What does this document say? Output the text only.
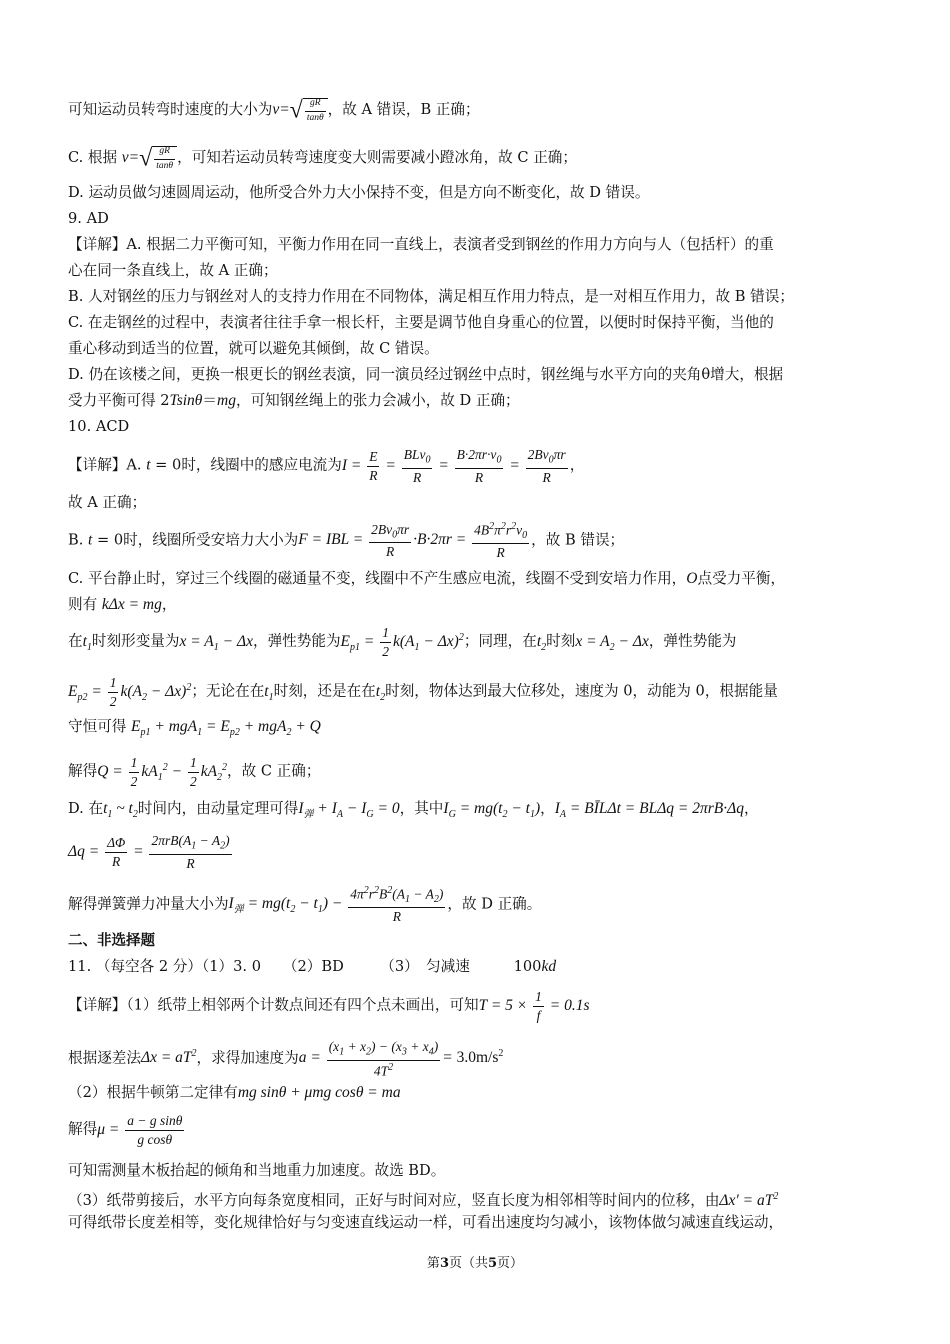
可知运动员转弯时速度的大小为$v=√ \frac{gR}{\tan\theta}$ ，故 A 错误，B 正确；
C. 根据 $v=√ \frac{gR}{\tan\theta}$ ，可知若运动员转弯速度变大则需要减小蹬冰角，故 C 正确；
D. 运动员做匀速圆周运动，他所受合外力大小保持不变，但是方向不断变化，故 D 错误。
9. AD
【详解】A. 根据二力平衡可知，平衡力作用在同一直线上，表演者受到钢丝的作用力方向与人（包括杆）的重
心在同一条直线上，故 A 正确；
B. 人对钢丝的压力与钢丝对人的支持力作用在不同物体，满足相互作用力特点，是一对相互作用力，故 B 错误；
C. 在走钢丝的过程中，表演者往往手拿一根长杆，主要是调节他自身重心的位置，以便时时保持平衡，当他的
重心移动到适当的位置，就可以避免其倾倒，故 C 错误。
D. 仍在该楼之间，更换一根更长的钢丝表演，同一演员经过钢丝中点时，钢丝绳与水平方向的夹角θ增大，根据
受力平衡可得 2Tsinθ＝mg，可知钢丝绳上的张力会减小，故 D 正确；
10. ACD
【详解】A. t = 0时，线圈中的感应电流为$I = \frac{E}{R} = \frac{BLv_0}{R} = \frac{B\cdot 2\pi r\cdot v_0}{R} = \frac{2Bv_0\pi r}{R}$ ，
故 A 正确；
B. t = 0时，线圈所受安培力大小为F = IBL = $\frac{2Bv_0\pi r}{R} \cdot B\cdot 2\pi r = \frac{4B^2\pi^2r^2v_0}{R}$ ，故 B 错误；
C. 平台静止时，穿过三个线圈的磁通量不变，线圈中不产生感应电流，线圈不受到安培力作用，O点受力平衡，
则有 kΔx = mg，
在$t_1$时刻形变量为$x = A_1 - \Delta x$，弹性势能为$E_{p1} = \frac{1}{2} k(A_1 - \Delta x)^2$；同理，在$t_2$时刻$x = A_2 - \Delta x$，弹性势能为
$E_{p2} = \frac{1}{2} k(A_2 - \Delta x)^2$；无论在在$t_1$时刻，还是在在$t_2$时刻，物体达到最大位移处，速度为 0，动能为 0，根据能量
守恒可得 $E_{p1} + mgA_1 = E_{p2} + mgA_2 + Q$
解得$Q = \frac{1}{2} kA_1^2 - \frac{1}{2} kA_2^2$，故 C 正确；
D. 在$t_1$ ~ $t_2$时间内，由动量定理可得$I_弹 + I_A - I_G = 0$，其中$I_G = mg(t_2 - t_1)$，$I_A$ = BĪLΔt = BLΔq = 2πrB·Δq，
$\Delta q = \frac{\Delta\Phi}{R} = \frac{2\pi rB(A_1 - A_2)}{R}$
解得弹簧弹力冲量大小为$I_弹 = mg(t_2 - t_1) - \frac{4\pi^2r^2B^2(A_1 - A_2)}{R}$ ，故 D 正确。
二、非选择题
11. （每空各 2 分）（1）3. 0　　（2）BD　　　（3）　匀减速　　　100kd
【详解】（1）纸带上相邻两个计数点间还有四个点未画出，可知$T = 5 \times \frac{1}{f} = 0.1s$
根据逐差法$\Delta x = aT^2$，求得加速度为$a = \frac{(x_1 + x_2) - (x_3 + x_4)}{4T^2} = 3.0m/s^2$
（2）根据牛顿第二定律有mg sinθ + μmg cosθ = ma
解得$\mu = \frac{\text{a − g sinθ}}{\text{g cosθ}}$
可知需测量木板抬起的倾角和当地重力加速度。故选 BD。
（3）纸带剪接后，水平方向每条宽度相同，正好与时间对应，竖直长度为相邻相等时间内的位移，由$\Delta x' = aT^2$
可得纸带长度差相等，变化规律恰好与匀变速直线运动一样，可看出速度均匀减小，该物体做匀减速直线运动，
第3页（共5页）
